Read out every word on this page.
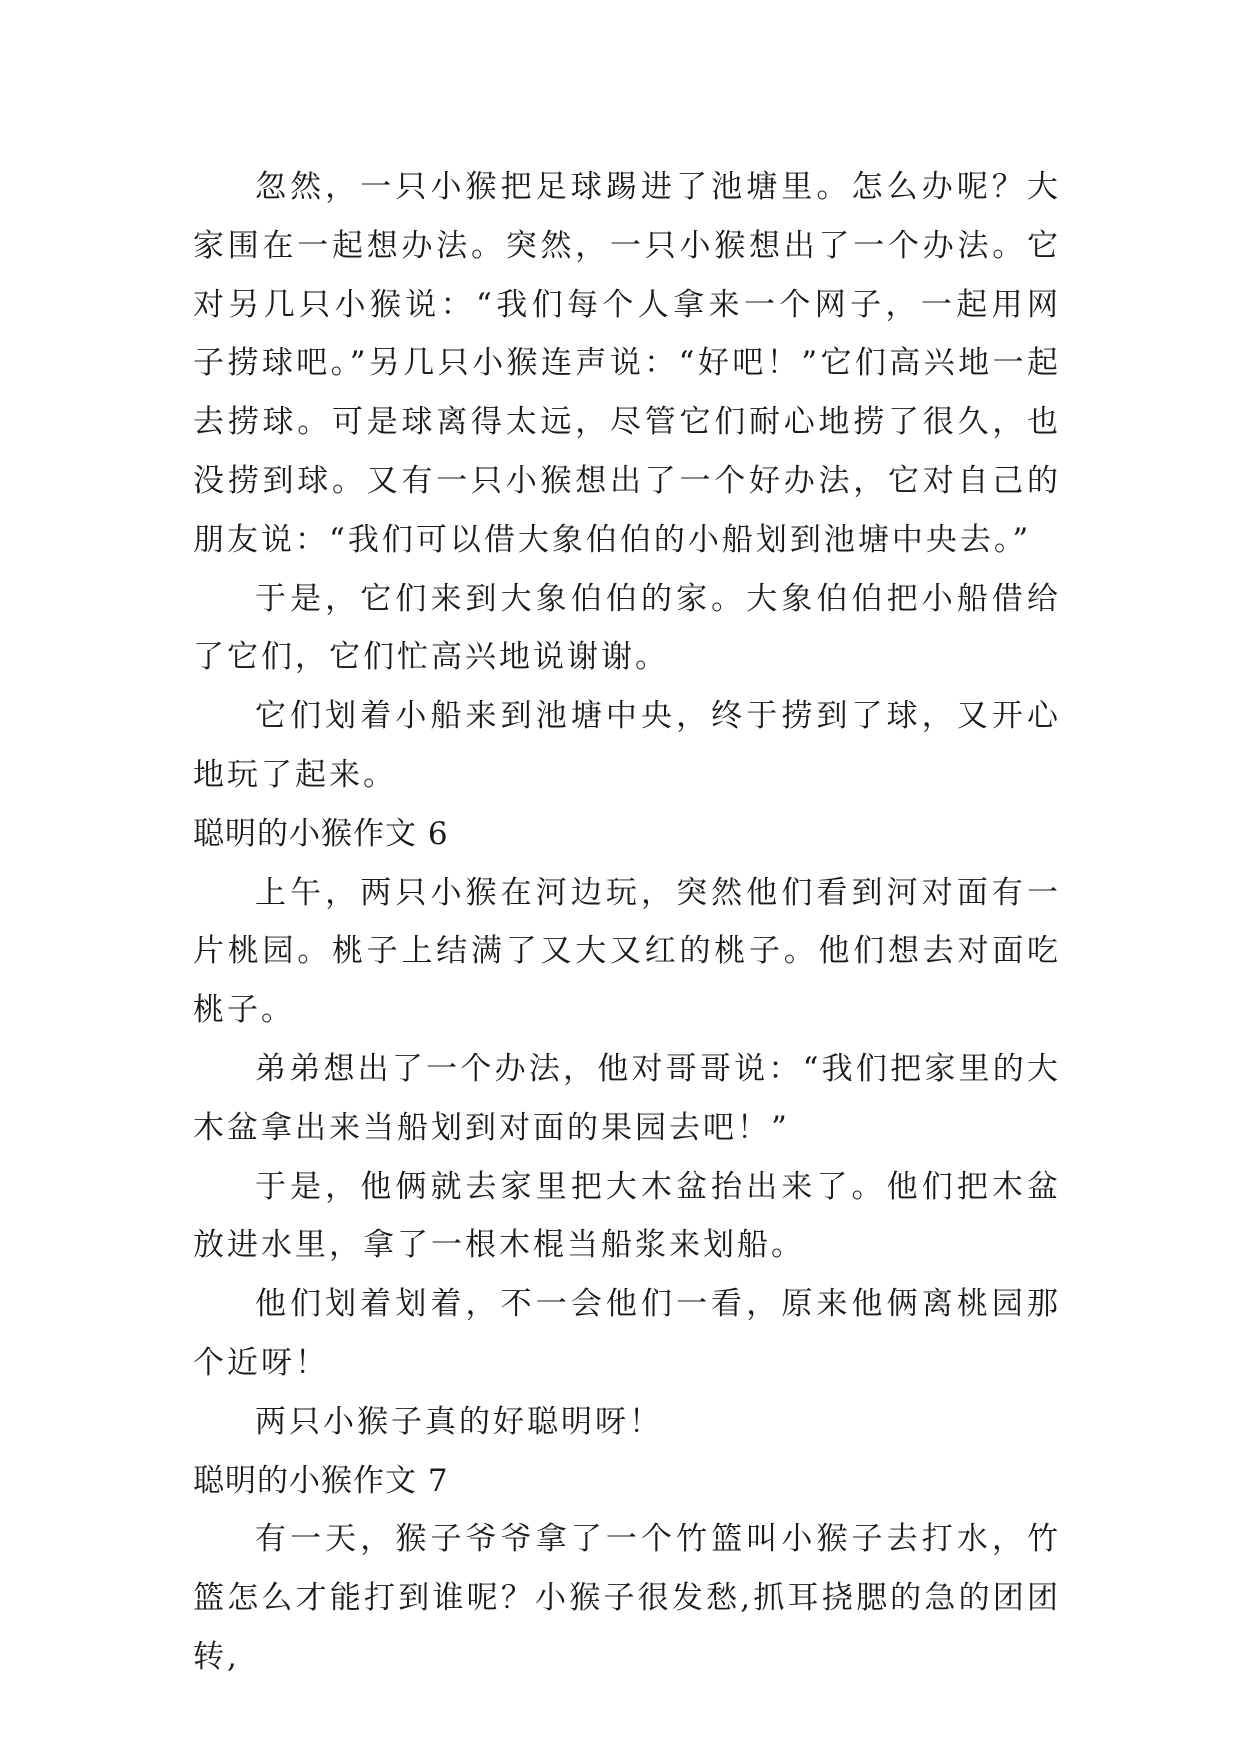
忽然，一只小猴把足球踢进了池塘里。怎么办呢？大家围在一起想办法。突然，一只小猴想出了一个办法。它对另几只小猴说：“我们每个人拿来一个网子，一起用网子捞球吧。”另几只小猴连声说：“好吧！”它们高兴地一起去捞球。可是球离得太远，尽管它们耐心地捞了很久，也没捞到球。又有一只小猴想出了一个好办法，它对自己的朋友说：“我们可以借大象伯伯的小船划到池塘中央去。”

于是，它们来到大象伯伯的家。大象伯伯把小船借给了它们，它们忙高兴地说谢谢。

它们划着小船来到池塘中央，终于捞到了球，又开心地玩了起来。

聪明的小猴作文 6

上午，两只小猴在河边玩，突然他们看到河对面有一片桃园。桃子上结满了又大又红的桃子。他们想去对面吃桃子。

弟弟想出了一个办法，他对哥哥说：“我们把家里的大木盆拿出来当船划到对面的果园去吧！”

于是，他俩就去家里把大木盆抬出来了。他们把木盆放进水里，拿了一根木棍当船浆来划船。

他们划着划着，不一会他们一看，原来他俩离桃园那个近呀！

两只小猴子真的好聪明呀！

聪明的小猴作文 7

有一天，猴子爷爷拿了一个竹篮叫小猴子去打水，竹篮怎么才能打到谁呢？小猴子很发愁,抓耳挠腮的急的团团转,
